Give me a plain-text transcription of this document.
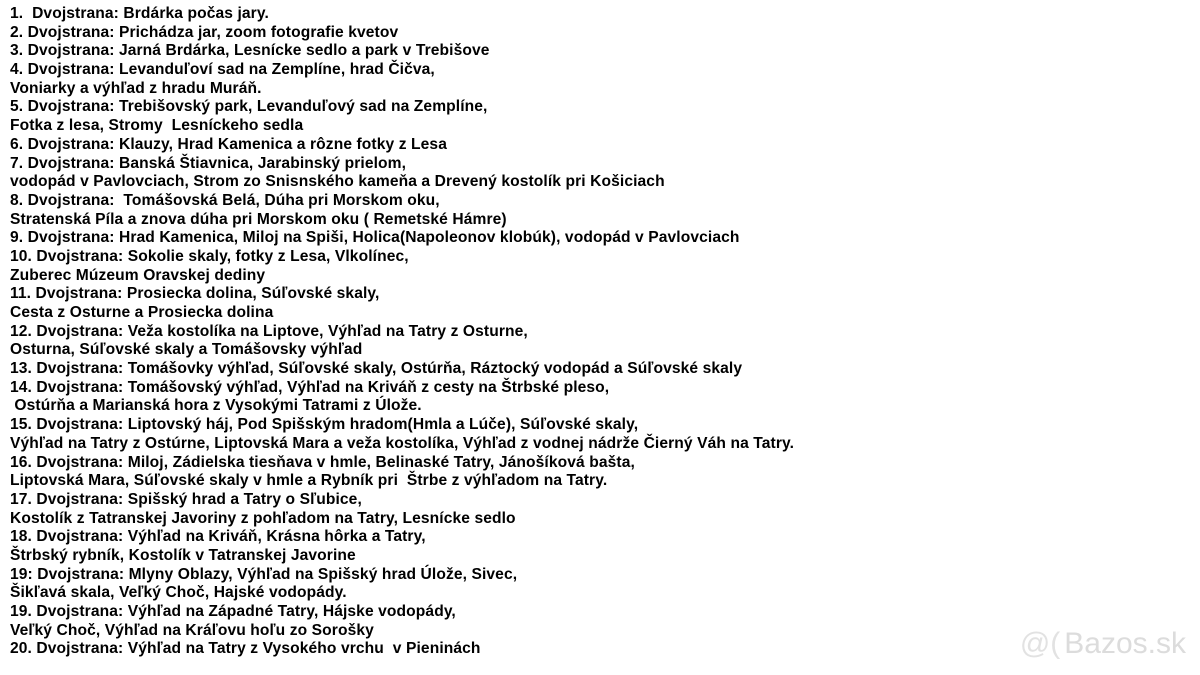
1.  Dvojstrana: Brdárka počas jary.
2. Dvojstrana: Prichádza jar, zoom fotografie kvetov
3. Dvojstrana: Jarná Brdárka, Lesnícke sedlo a park v Trebišove
4. Dvojstrana: Levanduľoví sad na Zemplíne, hrad Čičva,
Voniarky a výhľad z hradu Muráň.
5. Dvojstrana: Trebišovský park, Levanduľový sad na Zemplíne,
Fotka z lesa, Stromy  Lesníckeho sedla
6. Dvojstrana: Klauzy, Hrad Kamenica a rôzne fotky z Lesa
7. Dvojstrana: Banská Štiavnica, Jarabinský prielom,
vodopád v Pavlovciach, Strom zo Snisnského kameňa a Drevený kostolík pri Košiciach
8. Dvojstrana:  Tomášovská Belá, Dúha pri Morskom oku,
Stratenská Píla a znova dúha pri Morskom oku ( Remetské Hámre)
9. Dvojstrana: Hrad Kamenica, Miloj na Spiši, Holica(Napoleonov klobúk), vodopád v Pavlovciach
10. Dvojstrana: Sokolie skaly, fotky z Lesa, Vlkolínec,
Zuberec Múzeum Oravskej dediny
11. Dvojstrana: Prosiecka dolina, Súľovské skaly,
Cesta z Osturne a Prosiecka dolina
12. Dvojstrana: Veža kostolíka na Liptove, Výhľad na Tatry z Osturne,
Osturna, Súľovské skaly a Tomášovsky výhľad
13. Dvojstrana: Tomášovky výhľad, Súľovské skaly, Ostúrňa, Ráztocký vodopád a Súľovské skaly
14. Dvojstrana: Tomášovský výhľad, Výhľad na Kriváň z cesty na Štrbské pleso,
Ostúrňa a Marianská hora z Vysokými Tatrami z Úlože.
15. Dvojstrana: Liptovský háj, Pod Spišským hradom(Hmla a Lúče), Súľovské skaly,
Výhľad na Tatry z Ostúrne, Liptovská Mara a veža kostolíka, Výhľad z vodnej nádrže Čierný Váh na Tatry.
16. Dvojstrana: Miloj, Zádielska tiesňava v hmle, Belinaské Tatry, Jánošíková bašta,
Liptovská Mara, Súľovské skaly v hmle a Rybník pri  Štrbe z výhľadom na Tatry.
17. Dvojstrana: Spišský hrad a Tatry o Sľubice,
Kostolík z Tatranskej Javoriny z pohľadom na Tatry, Lesnícke sedlo
18. Dvojstrana: Výhľad na Kriváň, Krásna hôrka a Tatry,
Štrbský rybník, Kostolík v Tatranskej Javorine
19: Dvojstrana: Mlyny Oblazy, Výhľad na Spišský hrad Úlože, Sivec,
Šikľavá skala, Veľký Choč, Hajské vodopády.
19. Dvojstrana: Výhľad na Západné Tatry, Hájske vodopády,
Veľký Choč, Výhľad na Kráľovu hoľu zo Sorošky
20. Dvojstrana: Výhľad na Tatry z Vysokého vrchu  v Pieninách	@( Bazos.sk
